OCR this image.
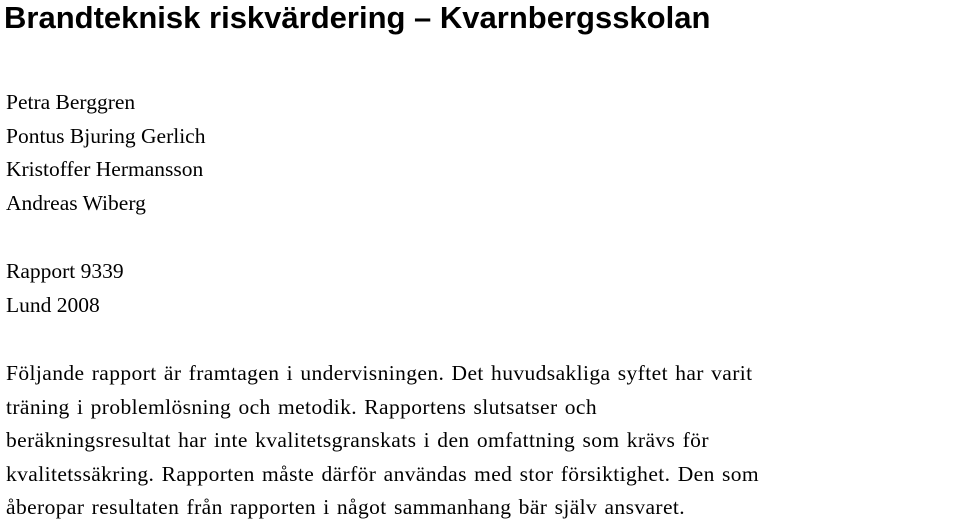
Brandteknisk riskvärdering – Kvarnbergsskolan
Petra Berggren
Pontus Bjuring Gerlich
Kristoffer Hermansson
Andreas Wiberg
Rapport 9339
Lund 2008

Följande rapport är framtagen i undervisningen. Det huvudsakliga syftet har varit
träning i problemlösning och metodik. Rapportens slutsatser och
beräkningsresultat har inte kvalitetsgranskats i den omfattning som krävs för
kvalitetssäkring. Rapporten måste därför användas med stor försiktighet. Den som
åberopar resultaten från rapporten i något sammanhang bär själv ansvaret.
